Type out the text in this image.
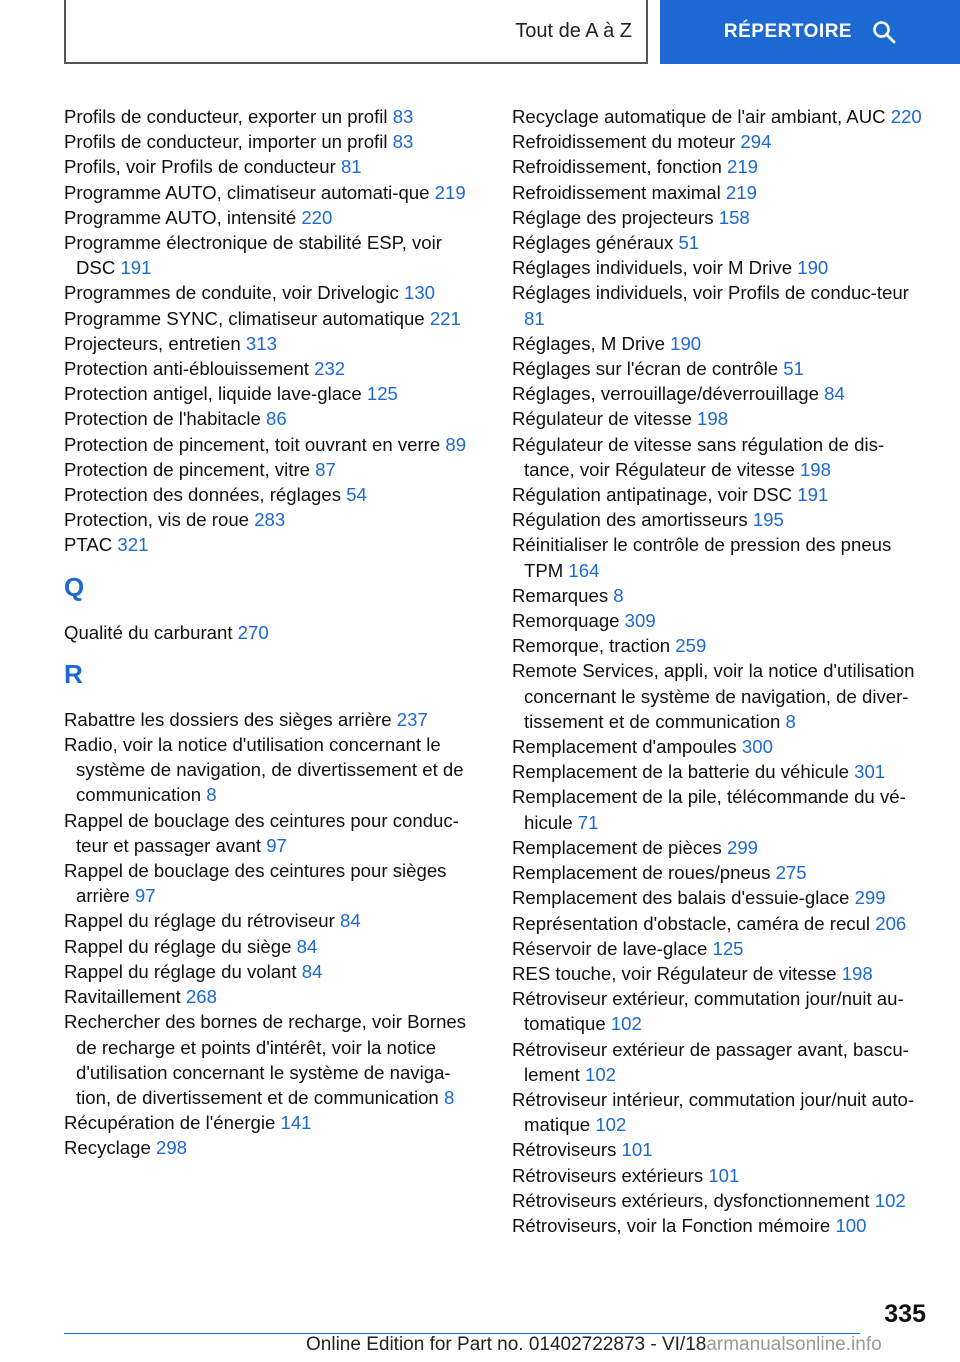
Tout de A à Z	RÉPERTOIRE
Profils de conducteur, exporter un profil 83
Profils de conducteur, importer un profil 83
Profils, voir Profils de conducteur 81
Programme AUTO, climatiseur automati-que 219
Programme AUTO, intensité 220
Programme électronique de stabilité ESP, voir DSC 191
Programmes de conduite, voir Drivelogic 130
Programme SYNC, climatiseur automatique 221
Projecteurs, entretien 313
Protection anti-éblouissement 232
Protection antigel, liquide lave-glace 125
Protection de l'habitacle 86
Protection de pincement, toit ouvrant en verre 89
Protection de pincement, vitre 87
Protection des données, réglages 54
Protection, vis de roue 283
PTAC 321
Q
Qualité du carburant 270
R
Rabattre les dossiers des sièges arrière 237
Radio, voir la notice d'utilisation concernant le système de navigation, de divertissement et de communication 8
Rappel de bouclage des ceintures pour conduc-teur et passager avant 97
Rappel de bouclage des ceintures pour sièges arrière 97
Rappel du réglage du rétroviseur 84
Rappel du réglage du siège 84
Rappel du réglage du volant 84
Ravitaillement 268
Rechercher des bornes de recharge, voir Bornes de recharge et points d'intérêt, voir la notice d'utilisation concernant le système de naviga-tion, de divertissement et de communication 8
Récupération de l'énergie 141
Recyclage 298
Recyclage automatique de l'air ambiant, AUC 220
Refroidissement du moteur 294
Refroidissement, fonction 219
Refroidissement maximal 219
Réglage des projecteurs 158
Réglages généraux 51
Réglages individuels, voir M Drive 190
Réglages individuels, voir Profils de conduc-teur 81
Réglages, M Drive 190
Réglages sur l'écran de contrôle 51
Réglages, verrouillage/déverrouillage 84
Régulateur de vitesse 198
Régulateur de vitesse sans régulation de dis-tance, voir Régulateur de vitesse 198
Régulation antipatinage, voir DSC 191
Régulation des amortisseurs 195
Réinitialiser le contrôle de pression des pneus TPM 164
Remarques 8
Remorquage 309
Remorque, traction 259
Remote Services, appli, voir la notice d'utilisation concernant le système de navigation, de diver-tissement et de communication 8
Remplacement d'ampoules 300
Remplacement de la batterie du véhicule 301
Remplacement de la pile, télécommande du vé-hicule 71
Remplacement de pièces 299
Remplacement de roues/pneus 275
Remplacement des balais d'essuie-glace 299
Représentation d'obstacle, caméra de recul 206
Réservoir de lave-glace 125
RES touche, voir Régulateur de vitesse 198
Rétroviseur extérieur, commutation jour/nuit au-tomatique 102
Rétroviseur extérieur de passager avant, bascu-lement 102
Rétroviseur intérieur, commutation jour/nuit auto-matique 102
Rétroviseurs 101
Rétroviseurs extérieurs 101
Rétroviseurs extérieurs, dysfonctionnement 102
Rétroviseurs, voir la Fonction mémoire 100
335
Online Edition for Part no. 01402722873 - VI/18armanualsonline.info
